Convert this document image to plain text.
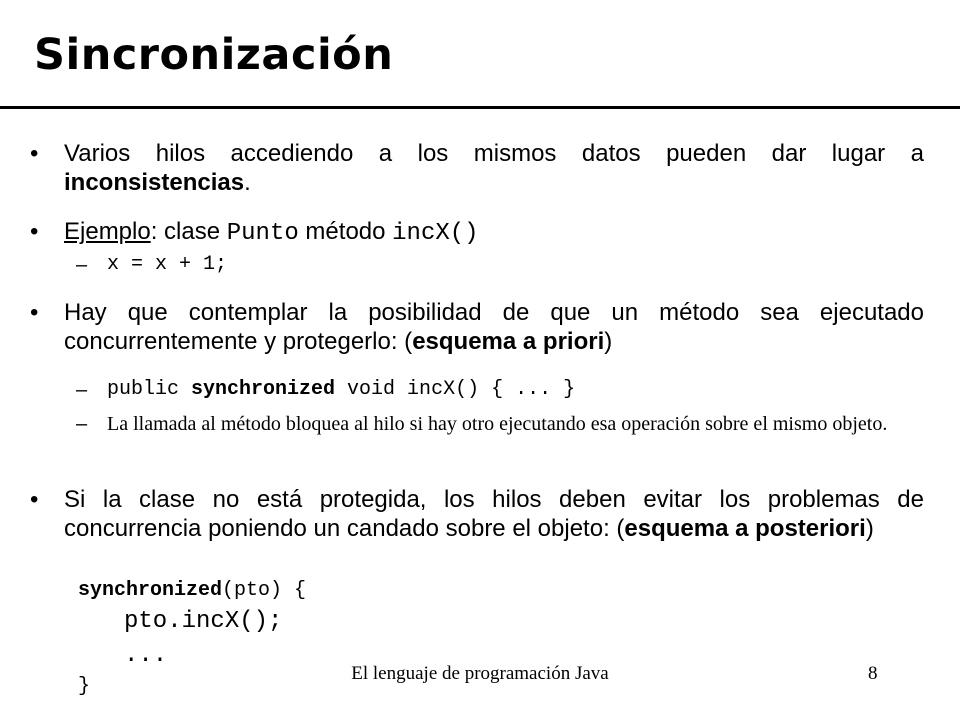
Sincronización
• Varios hilos accediendo a los mismos datos pueden dar lugar a inconsistencias.
• Ejemplo: clase Punto método incX()
– x = x + 1;
• Hay que contemplar la posibilidad de que un método sea ejecutado concurrentemente y protegerlo: (esquema a priori)
– public synchronized void incX() { ... }
– La llamada al método bloquea al hilo si hay otro ejecutando esa operación sobre el mismo objeto.
• Si la clase no está protegida, los hilos deben evitar los problemas de concurrencia poniendo un candado sobre el objeto: (esquema a posteriori)
synchronized(pto) {
pto.incX();
...
}
El lenguaje de programación Java	8
